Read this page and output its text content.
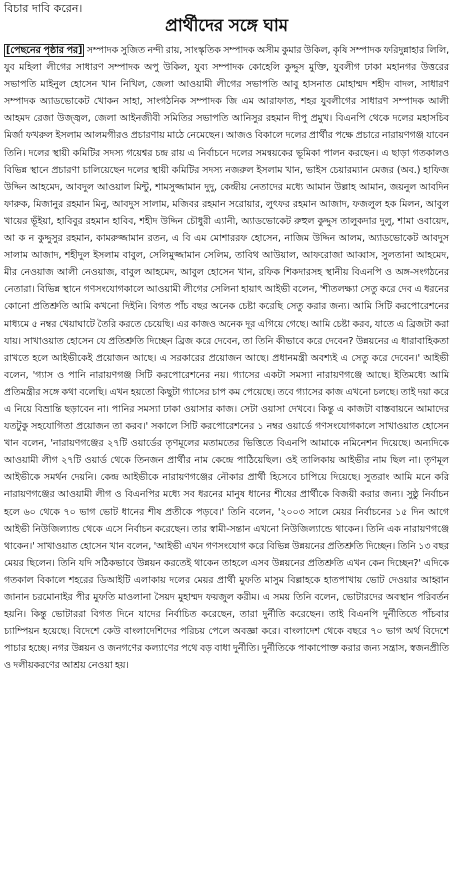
বিচার দাবি করেন।
প্রার্থীদের সঙ্গে ঘাম
[পেছনের পৃষ্ঠার পর] সম্পাদক সুজিত নন্দী রায়, সাংস্কৃতিক সম্পাদক অসীম কুমার উকিল, কৃষি সম্পাদক ফরিদুন্নাহার লিলি, যুব মহিলা লীগের সাধারণ সম্পাদক অপু উকিল, যুব্য সম্পাদক কোহেলি কুদ্দুস মুক্তি, যুবলীগ ঢাকা মহানগর উত্তরের সভাপতি মাইনুল হোসেন খান নিখিল, জেলা আওয়ামী লীগের সভাপতি আবু হাসনাত মোহাম্মদ শহীদ বাদল, সাধারণ সম্পাদক অ্যাডভোকেট খোকন সাহা, সাংগঠনিক সম্পাদক জি এম আরাফাত, শহর যুবলীগের সাধারণ সম্পাদক আলী আহমদ রেজা উজ্জ্বল, জেলা আইনজীবী সমিতির সভাপতি আনিসুর রহমান দীপু প্রমুখ। বিএনপি থেকে দলের মহাসচিব মির্জা ফখরুল ইসলাম আলমগীরও প্রচারণায় মাঠে নেমেছেন। আজও বিকালে দলের প্রার্থীর পক্ষে প্রচারে নারায়ণগঞ্জ যাবেন তিনি। দলের স্থায়ী কমিটির সদস্য গয়েশ্বর চন্দ্র রায় এ নির্বাচনে দলের সমন্বয়কের ভূমিকা পালন করছেন। এ ছাড়া গতকালও বিভিন্ন স্থানে প্রচারণা চালিয়েছেন দলের স্থায়ী কমিটির সদস্য নজরুল ইসলাম খান, ভাইস চেয়ারম্যান মেজর (অব.) হাফিজ উদ্দিন আহমেদ, আবদুল আওয়াল মিন্টু, শামসুজ্জামান দুদু, কেন্দ্রীয় নেতাদের মধ্যে আমান উল্লাহ আমান, জয়নুল আবদিন ফারুক, মিজানুর রহমান মিনু, আবদুস সালাম, মজিবর রহমান সরোয়ার, লুৎফর রহমান আজাদ, ফজলুল হক মিলন, আবুল খায়ের ভূঁইয়া, হাবিবুর রহমান হাবিব, শহীদ উদ্দিন চৌধুরী এ্যানী, অ্যাডভোকেট রুহুল কুদ্দুস তালুকদার দুলু, শামা ওবায়েদ, আ ক ন কুদ্দুসুর রহমান, কামরুজ্জামান রতন, এ বি এম মোশাররফ হোসেন, নাজিম উদ্দিন আলম, অ্যাডভোকেট আবদুস সালাম আজাদ, শহীদুল ইসলাম বাবুল, সেলিমুজ্জামান সেলিম, তাবিথ আউয়াল, আফরোজা আব্বাস, সুলতানা আহমেদ, মীর নেওয়াজ আলী নেওয়াজ, বাবুল আহমেদ, আবুল হোসেন খান, রফিক শিকদারসহ স্থানীয় বিএনপি ও অঙ্গ-সংগঠনের নেতারা। বিভিন্ন স্থানে গণসংযোগকালে আওয়ামী লীগের সেলিনা হায়াৎ আইভী বলেন, 'শীতলক্ষ্যা সেতু করে দেব এ ধরনের কোনো প্রতিশ্রুতি আমি কখনো দিইনি। বিগত পাঁচ বছর অনেক চেষ্টা করেছি সেতু করার জন্য। আমি সিটি করপোরেশনের মাধ্যমে ৫ নম্বর খেয়াঘাটে তৈরি করতে চেয়েছি। এর কাজও অনেক দূর এগিয়ে গেছে। আমি চেষ্টা করব, যাতে এ ব্রিজটা করা যায়। সাখাওয়াত হোসেন যে প্রতিশ্রুতি দিচ্ছেন ব্রিজ করে দেবেন, তা তিনি কীভাবে করে দেবেন? উন্নয়নের এ ধারাবাহিকতা রাখতে হলে আইভীকেই প্রয়োজন আছে। এ সরকারের প্রয়োজন আছে। প্রধানমন্ত্রী অবশ্যই এ সেতু করে দেবেন।' আইভী বলেন, 'গ্যাস ও পানি নারায়ণগঞ্জ সিটি করপোরেশনের নয়। গ্যাসের একটা সমস্যা নারায়ণগঞ্জে আছে। ইতিমধ্যে আমি প্রতিমন্ত্রীর সঙ্গে কথা বলেছি। এখন হয়তো কিছুটা গ্যাসের চাপ কম পেয়েছে। তবে গ্যাসের কাজ এখনো চলছে। তাই দয়া করে এ নিয়ে বিভ্রান্তি ছড়াবেন না। পানির সমস্যা ঢাকা ওয়াসার কাজ। সেটা ওয়াসা দেখবে। কিন্তু এ কাজটা বাস্তবায়নে আমাদের যতটুকু সহযোগিতা প্রয়োজন তা করব।' সকালে সিটি করপোরেশনের ১ নম্বর ওয়ার্ডে গণসংযোগকালে সাখাওয়াত হোসেন খান বলেন, 'নারায়ণগঞ্জের ২৭টি ওয়ার্ডের তৃণমূলের মতামতের ভিত্তিতে বিএনপি আমাকে নমিনেশন দিয়েছে। অন্যদিকে আওয়ামী লীগ ২৭টি ওয়ার্ড থেকে তিনজন প্রার্থীর নাম কেন্দ্রে পাঠিয়েছিল। ওই তালিকায় আইভীর নাম ছিল না। তৃণমূল আইভীকে সমর্থন দেয়নি। কেন্দ্র আইভীকে নারায়ণগঞ্জের নৌকার প্রার্থী হিসেবে চাপিয়ে দিয়েছে। সুতরাং আমি মনে করি নারায়ণগঞ্জের আওয়ামী লীগ ও বিএনপির মধ্যে সব ধরনের মানুষ ধানের শীষের প্রার্থীকে বিজয়ী করার জন্য। সুষ্ঠু নির্বাচন হলে ৬০ থেকে ৭০ ভাগ ভোট ধানের শীষ প্রতীকে পড়বে।' তিনি বলেন, '২০০৩ সালে মেয়র নির্বাচনের ১৫ দিন আগে আইভী নিউজিল্যান্ড থেকে এসে নির্বাচন করেছেন। তার স্বামী-সন্তান এখনো নিউজিল্যান্ডে থাকেন। তিনি এক নারায়ণগঞ্জে থাকেন।' সাখাওয়াত হোসেন খান বলেন, 'আইভী এখন গণসংযোগ করে বিভিন্ন উন্নয়নের প্রতিশ্রুতি দিচ্ছেন। তিনি ১৩ বছর মেয়র ছিলেন। তিনি যদি সঠিকভাবে উন্নয়ন করতেই থাকেন তাহলে এসব উন্নয়নের প্রতিশ্রুতি এখন কেন দিচ্ছেন?' এদিকে গতকাল বিকালে শহরের ডিআইটি এলাকায় দলের মেয়র প্রার্থী মুফতি মাসুম বিল্লাহকে হাতপাখায় ভোট দেওয়ার আহ্বান জানান চরমোনাইর পীর মুফতি মাওলানা সৈয়দ মুহাম্মদ ফয়জুল করীম। এ সময় তিনি বলেন, ভোটারদের অবস্থান পরিবর্তন হয়নি। কিন্তু ভোটাররা বিগত দিনে যাদের নির্বাচিত করেছেন, তারা দুর্নীতি করেছেন। তাই বিএনপি দুর্নীতিতে পাঁচবার চ্যাম্পিয়ন হয়েছে। বিদেশে কেউ বাংলাদেশিদের পরিচয় পেলে অবজ্ঞা করে। বাংলাদেশ থেকে বছরে ৭০ ভাগ অর্থ বিদেশে পাচার হচ্ছে। নগর উন্নয়ন ও জনগণের কল্যাণের পথে বড় বাধা দুর্নীতি। দুর্নীতিকে পাকাপোক্ত করার জন্য সন্ত্রাস, স্বজনপ্রীতি ও দলীয়করণের আশ্রয় নেওয়া হয়।
